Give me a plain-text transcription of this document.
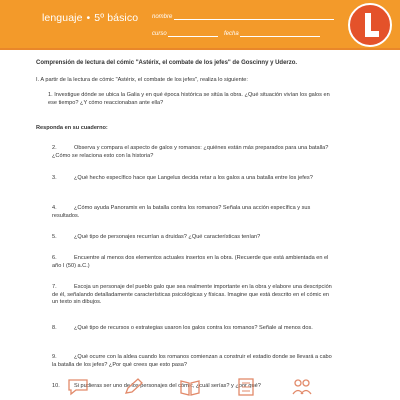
lenguaje • 5º básico nombre
curso	fecha
Comprensión de lectura del cómic "Astérix, el combate de los jefes" de Goscinny y Uderzo.
I. A partir de la lectura de cómic "Astérix, el combate de los jefes", realiza lo siguiente:
1. Investigue dónde se ubica la Galia y en qué época histórica se sitúa la obra. ¿Qué situación vivían los galos en ese tiempo? ¿Y cómo reaccionaban ante ella?
Responda en su cuaderno:
2.	Observa y compara el aspecto de galos y romanos: ¿quiénes están más preparados para una batalla? ¿Cómo se relaciona esto con la historia?
3.	¿Qué hecho específico hace que Langelus decida retar a los galos a una batalla entre los jefes?
4.	¿Cómo ayuda Panoramix en la batalla contra los romanos? Señala una acción específica y sus resultados.
5.	¿Qué tipo de personajes recurrían a druidas? ¿Qué características tenían?
6.	Encuentre al menos dos elementos actuales insertos en la obra. (Recuerde que está ambientada en el año I (50) a.C.)
7.	Escoja un personaje del pueblo galo que sea realmente importante en la obra y elabore una descripción de él, señalando detalladamente características psicológicas y físicas. Imagine que está descrito en el cómic en un texto sin dibujos.
8.	¿Qué tipo de recursos o estrategias usaron los galos contra los romanos? Señale al menos dos.
9.	¿Qué ocurre con la aldea cuando los romanos comienzan a construir el estadio donde se llevará a cabo la batalla de los jefes? ¿Por qué crees que esto pasa?
10.	Si pudieras ser uno de los personajes del cómic, ¿cuál serías? y ¿por qué?
